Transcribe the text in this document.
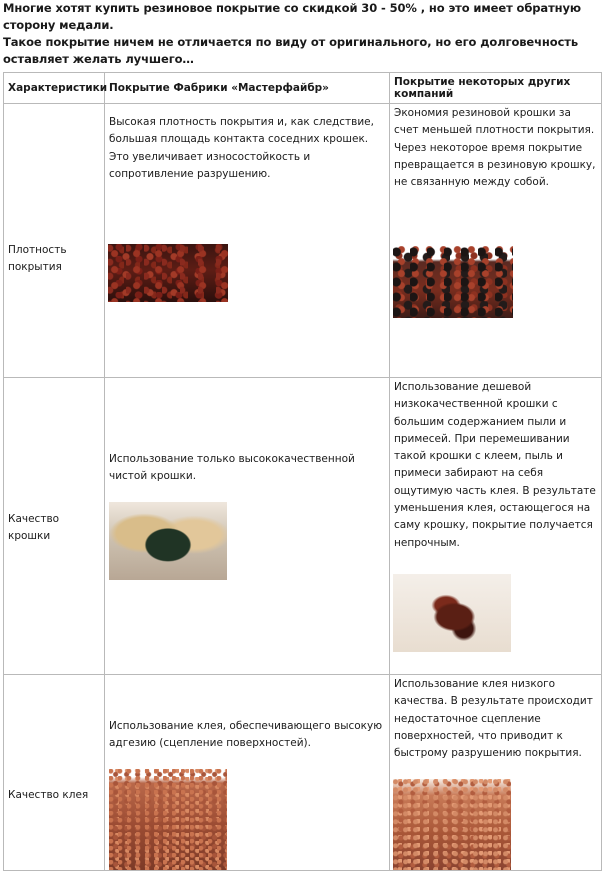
Многие хотят купить резиновое покрытие со скидкой 30 - 50% , но это имеет обратную сторону медали.
Такое покрытие ничем не отличается по виду от оригинального, но его долговечность оставляет желать лучшего…
Характеристики	Покрытие Фабрики «Мастерфайбр»	Покрытие некоторых других компаний

Плотность покрытия	Высокая плотность покрытия и, как следствие, большая площадь контакта соседних крошек. Это увеличивает износостойкость и сопротивление разрушению.	Экономия резиновой крошки за счет меньшей плотности покрытия. Через некоторое время покрытие превращается в резиновую крошку, не связанную между собой.

Качество крошки	Использование только высококачественной чистой крошки.	Использование дешевой низкокачественной крошки с большим содержанием пыли и примесей. При перемешивании такой крошки с клеем, пыль и примеси забирают на себя ощутимую часть клея. В результате уменьшения клея, остающегося на саму крошку, покрытие получается непрочным.

Качество клея	Использование клея, обеспечивающего высокую адгезию (сцепление поверхностей).	Использование клея низкого качества. В результате происходит недостаточное сцепление поверхностей, что приводит к быстрому разрушению покрытия.
